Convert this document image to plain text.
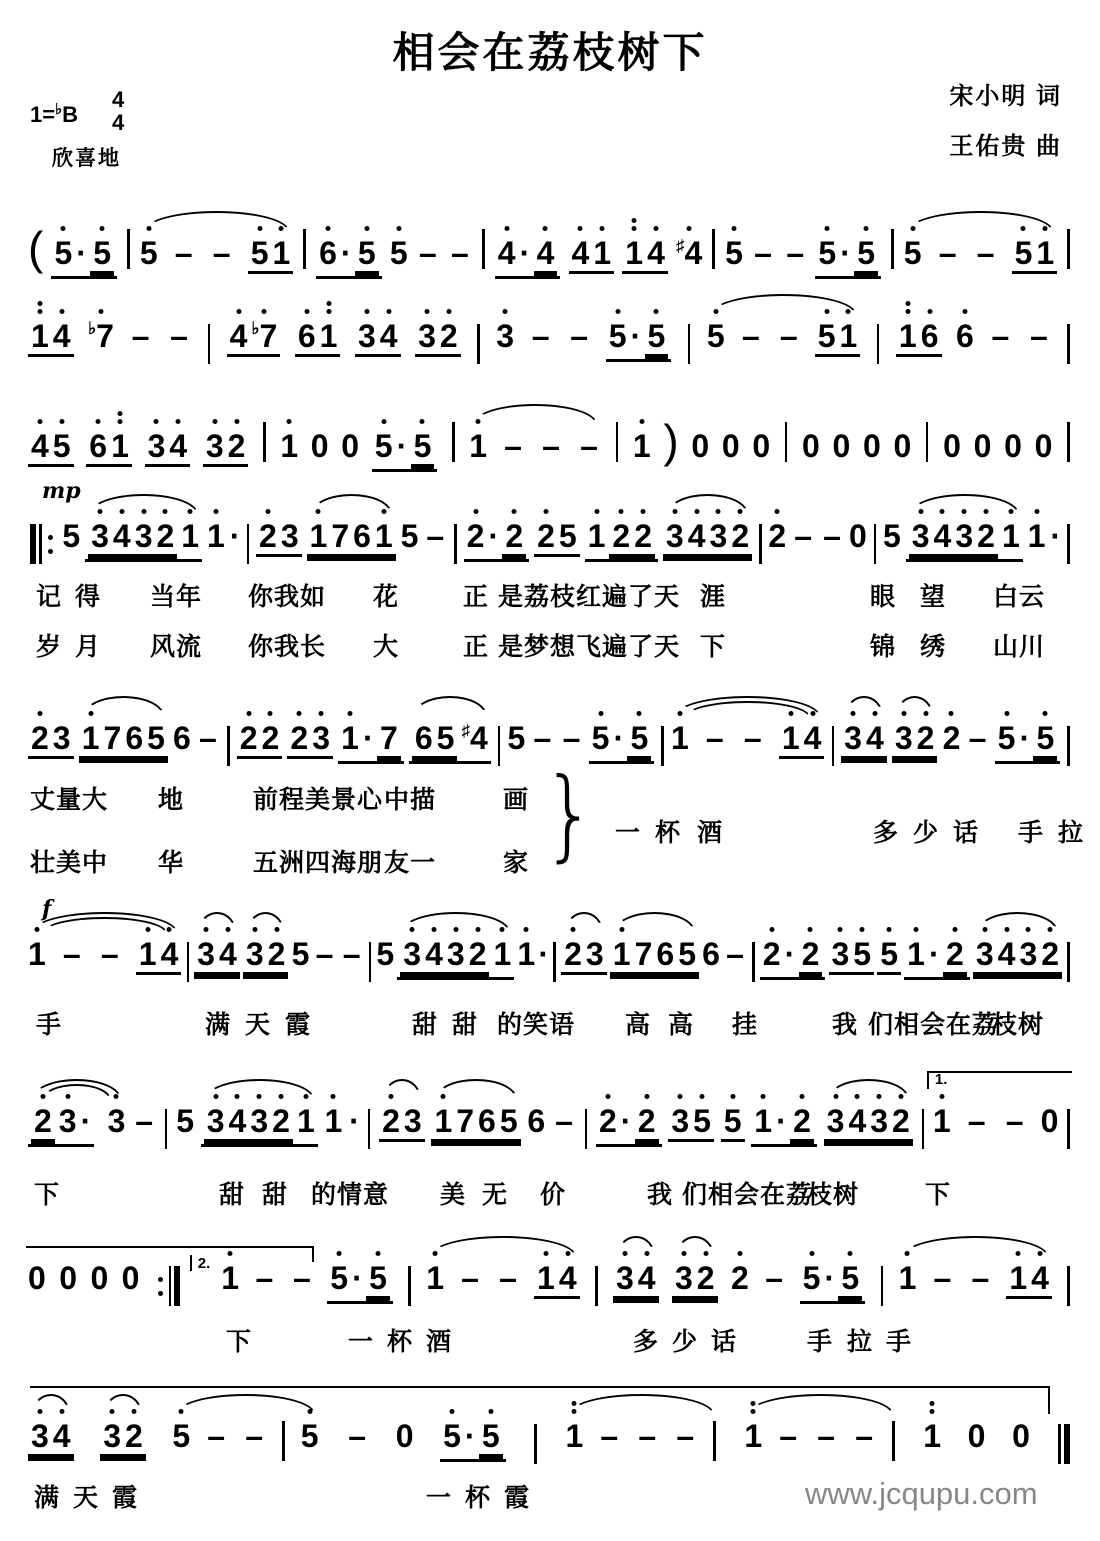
相会在荔枝树下
宋小明 词
王佑贵 曲
1=♭B
4
4
欣喜地
( 5 · 5 5 – – 5 1 6 · 5 5 – – 4 · 4 4 1 1 4 ♯4 5 – – 5 · 5 5 – – 5 1
1 4 ♭7 – – 4 ♭7 6 1 3 4 3 2 3 – – 5 · 5 5 – – 5 1 1 6 6 – –
4 5 6 1 3 4 3 2 1 0 0 5 · 5 1 – – – 1 ) 0 0 0 0 0 0 0 0 0 0 0
mp
5 3 4 3 2 1 1 · 2 3 1 7 6 1 5 – 2 · 2 2 5 1 2 2 3 4 3 2 2 – – 0 5 3 4 3 2 1 1 ·
2 3 1 7 6 5 6 – 2 2 2 3 1 · 7 6 5 ♯4 5 – – 5 · 5 1 – – 1 4 3 4 3 2 2 – 5 · 5
f
1 – – 1 4 3 4 3 2 5 – – 5 3 4 3 2 1 1 · 2 3 1 7 6 5 6 – 2 · 2 3 5 5 1 · 2 3 4 3 2
2 3 · 3 – 5 3 4 3 2 1 1 · 2 3 1 7 6 5 6 – 2 · 2 3 5 5 1 · 2 3 4 3 2
1.
1 – – 0
0 0 0 0	2. 1 – – 5 · 5 1 – – 1 4 3 4 3 2 2 – 5 · 5 1 – – 1 4
3 4 3 2 5 – – 5 – 0 5 · 5 1 – – – 1 – – – 1 0 0
记 得 当年 你我如 花	正 是荔枝红遍了天 涯	眼 望 白云
岁 月 风流 你我长 大	正 是梦想飞遍了天 下	锦 绣 山川
丈量大 地	前程美景心 中描	画
一 杯 酒	多 少 话 手 拉
壮美中 华	五洲四海朋 友一	家
手	满 天 霞	甜 甜 的笑语 高 高 挂	我 们相会在荔
枝树
下	甜 甜 的情意 美 无 价	我 们相会在荔
枝树	下
下	一 杯 酒	多 少 话	手 拉 手
满 天 霞	一 杯 霞
}
www.jcqupu.com
